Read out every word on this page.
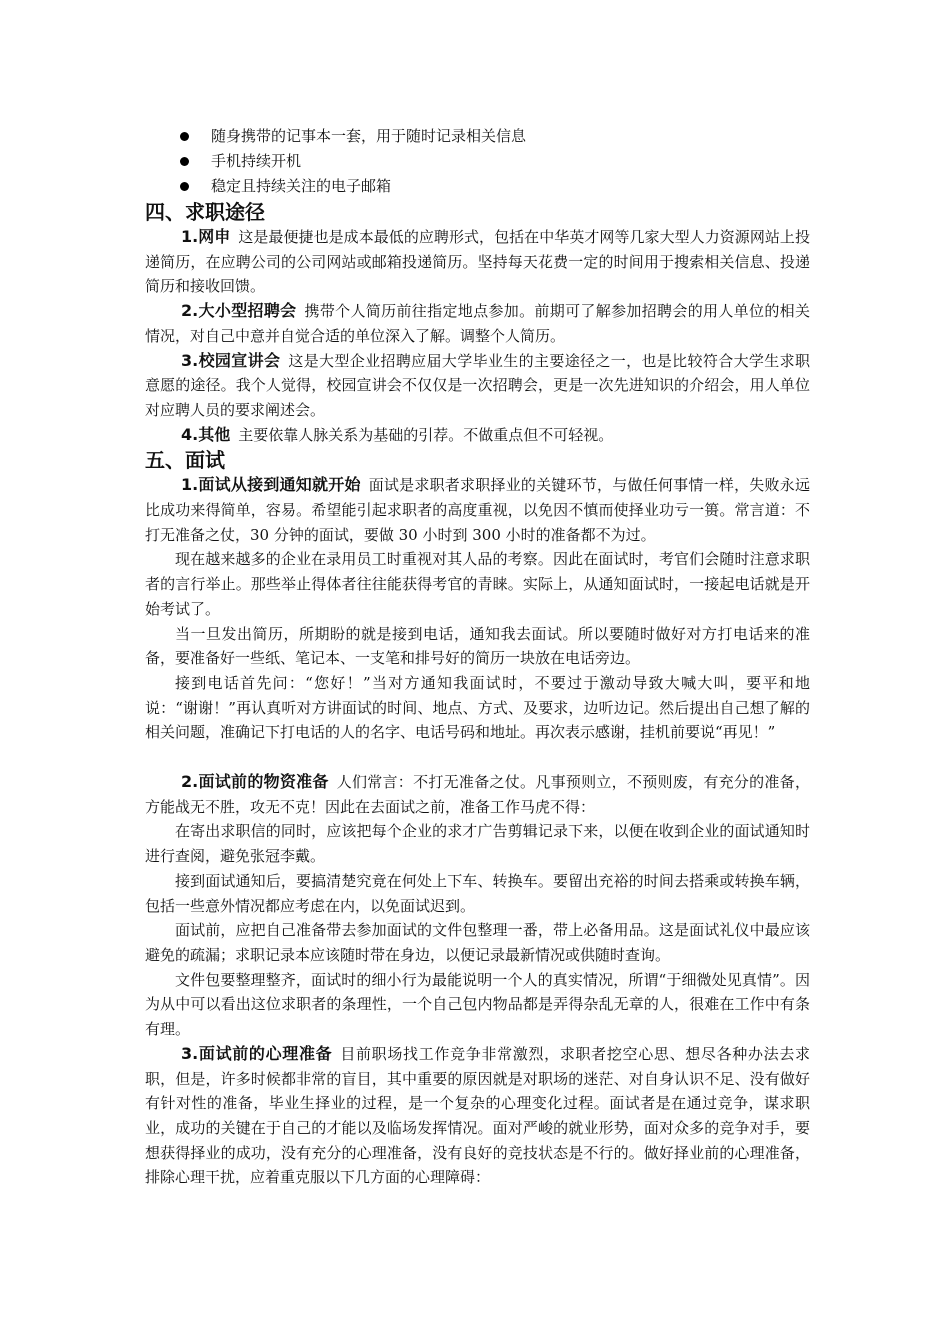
随身携带的记事本一套，用于随时记录相关信息
手机持续开机
稳定且持续关注的电子邮箱
四、求职途径

1.网申 这是最便捷也是成本最低的应聘形式，包括在中华英才网等几家大型人力资源网站上投递简历，在应聘公司的公司网站或邮箱投递简历。坚持每天花费一定的时间用于搜索相关信息、投递简历和接收回馈。

2.大小型招聘会 携带个人简历前往指定地点参加。前期可了解参加招聘会的用人单位的相关情况，对自己中意并自觉合适的单位深入了解。调整个人简历。

3.校园宣讲会 这是大型企业招聘应届大学毕业生的主要途径之一，也是比较符合大学生求职意愿的途径。我个人觉得，校园宣讲会不仅仅是一次招聘会，更是一次先进知识的介绍会，用人单位对应聘人员的要求阐述会。

4.其他 主要依靠人脉关系为基础的引荐。不做重点但不可轻视。

五、面试

1.面试从接到通知就开始 面试是求职者求职择业的关键环节，与做任何事情一样，失败永远比成功来得简单，容易。希望能引起求职者的高度重视，以免因不慎而使择业功亏一篑。常言道：不打无准备之仗，30 分钟的面试，要做 30 小时到 300 小时的准备都不为过。

现在越来越多的企业在录用员工时重视对其人品的考察。因此在面试时，考官们会随时注意求职者的言行举止。那些举止得体者往往能获得考官的青睐。实际上，从通知面试时，一接起电话就是开始考试了。

当一旦发出简历，所期盼的就是接到电话，通知我去面试。所以要随时做好对方打电话来的准备，要准备好一些纸、笔记本、一支笔和排号好的简历一块放在电话旁边。

接到电话首先问：“您好！”当对方通知我面试时，不要过于激动导致大喊大叫，要平和地说：“谢谢！”再认真听对方讲面试的时间、地点、方式、及要求，边听边记。然后提出自己想了解的相关问题，准确记下打电话的人的名字、电话号码和地址。再次表示感谢，挂机前要说“再见！”

2.面试前的物资准备 人们常言：不打无准备之仗。凡事预则立，不预则废，有充分的准备，方能战无不胜，攻无不克！因此在去面试之前，准备工作马虎不得：

在寄出求职信的同时，应该把每个企业的求才广告剪辑记录下来，以便在收到企业的面试通知时进行查阅，避免张冠李戴。

接到面试通知后，要搞清楚究竟在何处上下车、转换车。要留出充裕的时间去搭乘或转换车辆，包括一些意外情况都应考虑在内，以免面试迟到。

面试前，应把自己准备带去参加面试的文件包整理一番，带上必备用品。这是面试礼仪中最应该避免的疏漏；求职记录本应该随时带在身边，以便记录最新情况或供随时查询。

文件包要整理整齐，面试时的细小行为最能说明一个人的真实情况，所谓“于细微处见真情”。因为从中可以看出这位求职者的条理性，一个自己包内物品都是弄得杂乱无章的人，很难在工作中有条有理。

3.面试前的心理准备 目前职场找工作竞争非常激烈，求职者挖空心思、想尽各种办法去求职，但是，许多时候都非常的盲目，其中重要的原因就是对职场的迷茫、对自身认识不足、没有做好有针对性的准备，毕业生择业的过程，是一个复杂的心理变化过程。面试者是在通过竞争，谋求职业，成功的关键在于自己的才能以及临场发挥情况。面对严峻的就业形势，面对众多的竞争对手，要想获得择业的成功，没有充分的心理准备，没有良好的竞技状态是不行的。做好择业前的心理准备，排除心理干扰，应着重克服以下几方面的心理障碍：
